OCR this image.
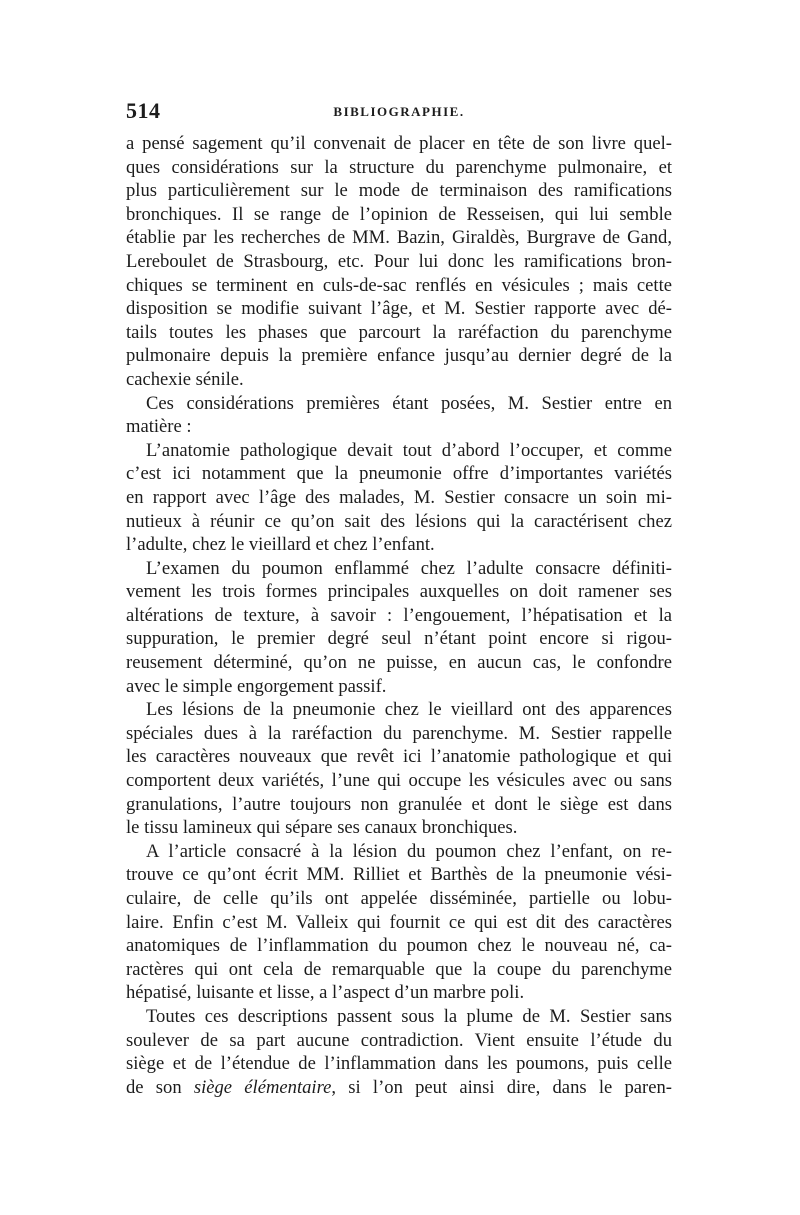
514	BIBLIOGRAPHIE.
a pensé sagement qu’il convenait de placer en tête de son livre quel-
ques considérations sur la structure du parenchyme pulmonaire, et
plus particulièrement sur le mode de terminaison des ramifications
bronchiques. Il se range de l’opinion de Resseisen, qui lui semble
établie par les recherches de MM. Bazin, Giraldès, Burgrave de Gand,
Lereboulet de Strasbourg, etc. Pour lui donc les ramifications bron-
chiques se terminent en culs-de-sac renflés en vésicules ; mais cette
disposition se modifie suivant l’âge, et M. Sestier rapporte avec dé-
tails toutes les phases que parcourt la raréfaction du parenchyme
pulmonaire depuis la première enfance jusqu’au dernier degré de la
cachexie sénile.
Ces considérations premières étant posées, M. Sestier entre en
matière :
L’anatomie pathologique devait tout d’abord l’occuper, et comme
c’est ici notamment que la pneumonie offre d’importantes variétés
en rapport avec l’âge des malades, M. Sestier consacre un soin mi-
nutieux à réunir ce qu’on sait des lésions qui la caractérisent chez
l’adulte, chez le vieillard et chez l’enfant.
L’examen du poumon enflammé chez l’adulte consacre définiti-
vement les trois formes principales auxquelles on doit ramener ses
altérations de texture, à savoir : l’engouement, l’hépatisation et la
suppuration, le premier degré seul n’étant point encore si rigou-
reusement déterminé, qu’on ne puisse, en aucun cas, le confondre
avec le simple engorgement passif.
Les lésions de la pneumonie chez le vieillard ont des apparences
spéciales dues à la raréfaction du parenchyme. M. Sestier rappelle
les caractères nouveaux que revêt ici l’anatomie pathologique et qui
comportent deux variétés, l’une qui occupe les vésicules avec ou sans
granulations, l’autre toujours non granulée et dont le siège est dans
le tissu lamineux qui sépare ses canaux bronchiques.
A l’article consacré à la lésion du poumon chez l’enfant, on re-
trouve ce qu’ont écrit MM. Rilliet et Barthès de la pneumonie vési-
culaire, de celle qu’ils ont appelée disséminée, partielle ou lobu-
laire. Enfin c’est M. Valleix qui fournit ce qui est dit des caractères
anatomiques de l’inflammation du poumon chez le nouveau né, ca-
ractères qui ont cela de remarquable que la coupe du parenchyme
hépatisé, luisante et lisse, a l’aspect d’un marbre poli.
Toutes ces descriptions passent sous la plume de M. Sestier sans
soulever de sa part aucune contradiction. Vient ensuite l’étude du
siège et de l’étendue de l’inflammation dans les poumons, puis celle
de son siège élémentaire, si l’on peut ainsi dire, dans le paren-
